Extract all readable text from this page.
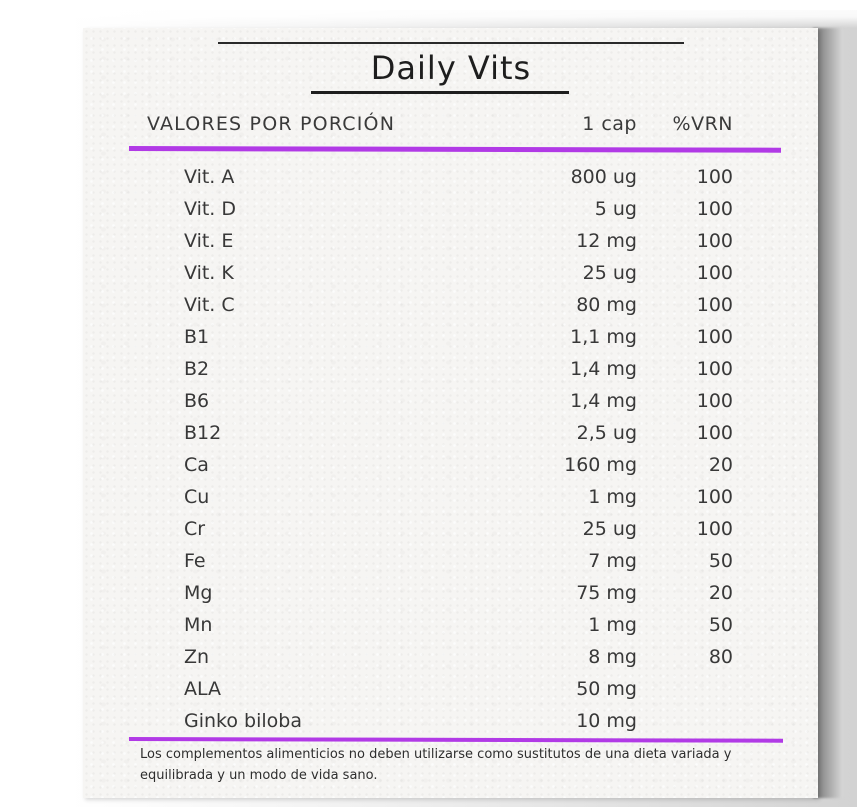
Daily Vits
VALORES POR PORCIÓN	1 cap	%VRN
Vit. A	800 ug	100
Vit. D	5 ug	100
Vit. E	12 mg	100
Vit. K	25 ug	100
Vit. C	80 mg	100
B1	1,1 mg	100
B2	1,4 mg	100
B6	1,4 mg	100
B12	2,5 ug	100
Ca	160 mg	20
Cu	1 mg	100
Cr	25 ug	100
Fe	7 mg	50
Mg	75 mg	20
Mn	1 mg	50
Zn	8 mg	80
ALA	50 mg
Ginko biloba	10 mg
Los complementos alimenticios no deben utilizarse como sustitutos de una dieta variada y equilibrada y un modo de vida sano.
